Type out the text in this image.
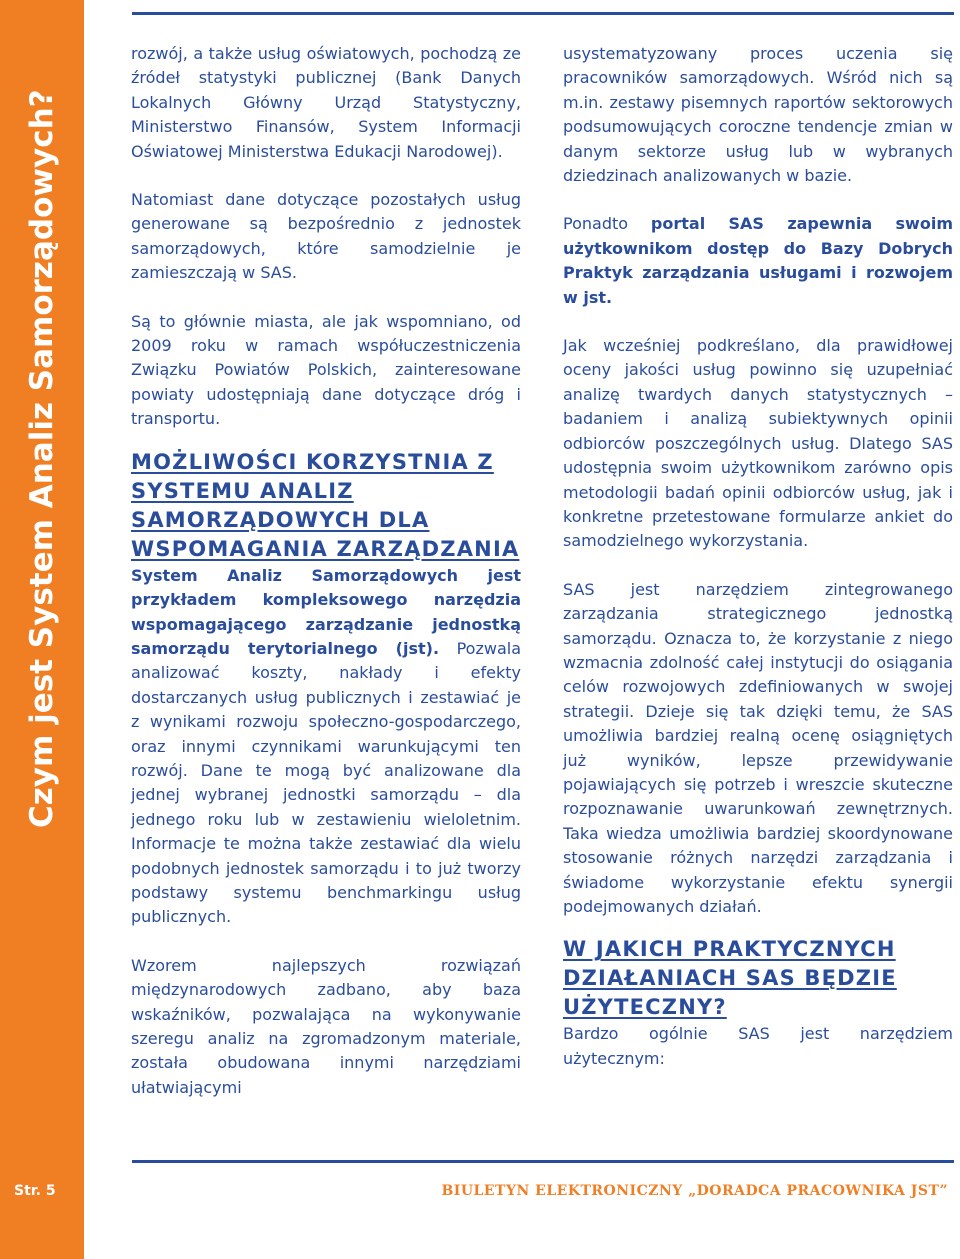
Czym jest System Analiz Samorządowych?
Str. 5	BIULETYN ELEKTRONICZNY „DORADCA PRACOWNIKA JST”

rozwój, a także usług oświatowych, pochodzą ze źródeł statystyki publicznej (Bank Danych Lokalnych Główny Urząd Statystyczny, Ministerstwo Finansów, System Informacji Oświatowej Ministerstwa Edukacji Narodowej).

Natomiast dane dotyczące pozostałych usług generowane są bezpośrednio z jednostek samorządowych, które samodzielnie je zamieszczają w SAS.

Są to głównie miasta, ale jak wspomniano, od 2009 roku w ramach współuczestniczenia Związku Powiatów Polskich, zainteresowane powiaty udostępniają dane dotyczące dróg i transportu.

MOŻLIWOŚCI KORZYSTNIA Z SYSTEMU ANALIZ SAMORZĄDOWYCH DLA WSPOMAGANIA ZARZĄDZANIA

System Analiz Samorządowych jest przykładem kompleksowego narzędzia wspomagającego zarządzanie jednostką samorządu terytorialnego (jst). Pozwala analizować koszty, nakłady i efekty dostarczanych usług publicznych i zestawiać je z wynikami rozwoju społeczno-gospodarczego, oraz innymi czynnikami warunkującymi ten rozwój. Dane te mogą być analizowane dla jednej wybranej jednostki samorządu – dla jednego roku lub w zestawieniu wieloletnim. Informacje te można także zestawiać dla wielu podobnych jednostek samorządu i to już tworzy podstawy systemu benchmarkingu usług publicznych.

Wzorem najlepszych rozwiązań międzynarodowych zadbano, aby baza wskaźników, pozwalająca na wykonywanie szeregu analiz na zgromadzonym materiale, została obudowana innymi narzędziami ułatwiającymi

usystematyzowany proces uczenia się pracowników samorządowych. Wśród nich są m.in. zestawy pisemnych raportów sektorowych podsumowujących coroczne tendencje zmian w danym sektorze usług lub w wybranych dziedzinach analizowanych w bazie.

Ponadto portal SAS zapewnia swoim użytkownikom dostęp do Bazy Dobrych Praktyk zarządzania usługami i rozwojem w jst.

Jak wcześniej podkreślano, dla prawidłowej oceny jakości usług powinno się uzupełniać analizę twardych danych statystycznych – badaniem i analizą subiektywnych opinii odbiorców poszczególnych usług. Dlatego SAS udostępnia swoim użytkownikom zarówno opis metodologii badań opinii odbiorców usług, jak i konkretne przetestowane formularze ankiet do samodzielnego wykorzystania.

SAS jest narzędziem zintegrowanego zarządzania strategicznego jednostką samorządu. Oznacza to, że korzystanie z niego wzmacnia zdolność całej instytucji do osiągania celów rozwojowych zdefiniowanych w swojej strategii. Dzieje się tak dzięki temu, że SAS umożliwia bardziej realną ocenę osiągniętych już wyników, lepsze przewidywanie pojawiających się potrzeb i wreszcie skuteczne rozpoznawanie uwarunkowań zewnętrznych. Taka wiedza umożliwia bardziej skoordynowane stosowanie różnych narzędzi zarządzania i świadome wykorzystanie efektu synergii podejmowanych działań.

W JAKICH PRAKTYCZNYCH DZIAŁANIACH SAS BĘDZIE UŻYTECZNY?

Bardzo ogólnie SAS jest narzędziem użytecznym:
